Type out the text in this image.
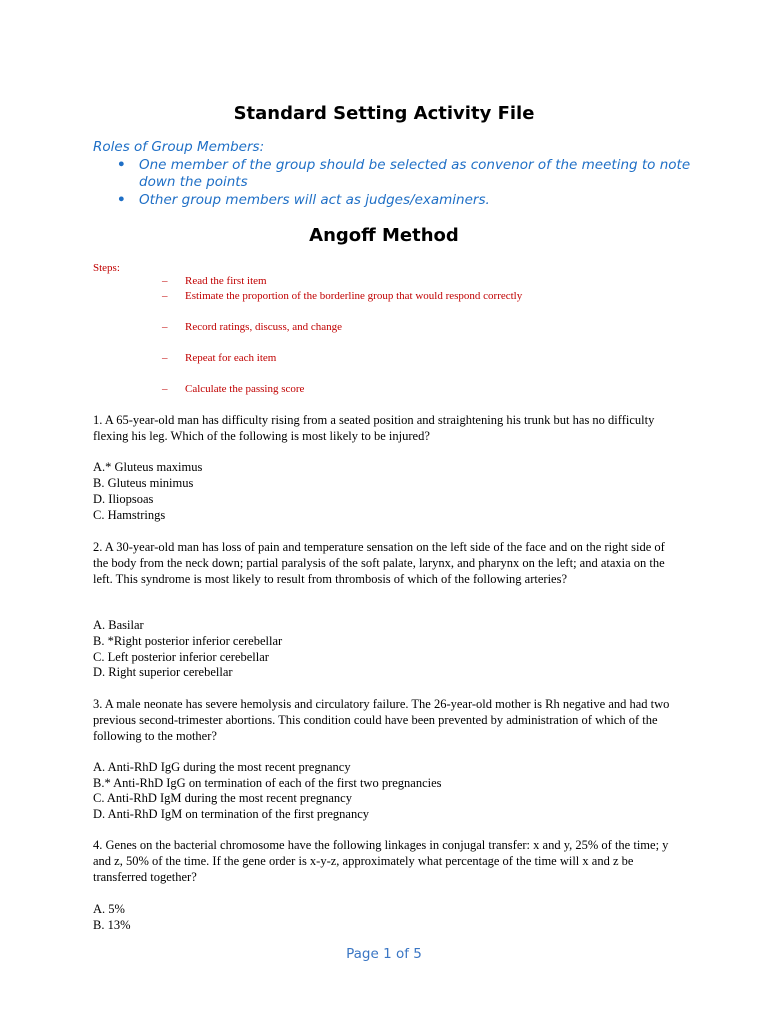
Standard Setting Activity File
Roles of Group Members:
• One member of the group should be selected as convenor of the meeting to note down the points
• Other group members will act as judges/examiners.
Angoff Method
Steps:
– Read the first item
– Estimate the proportion of the borderline group that would respond correctly
– Record ratings, discuss, and change
– Repeat for each item
– Calculate the passing score
1. A 65-year-old man has difficulty rising from a seated position and straightening his trunk but has no difficulty flexing his leg. Which of the following is most likely to be injured?
A.* Gluteus maximus
B. Gluteus minimus
D. Iliopsoas
C. Hamstrings
2. A 30-year-old man has loss of pain and temperature sensation on the left side of the face and on the right side of the body from the neck down; partial paralysis of the soft palate, larynx, and pharynx on the left; and ataxia on the left. This syndrome is most likely to result from thrombosis of which of the following arteries?
A. Basilar
B. *Right posterior inferior cerebellar
C. Left posterior inferior cerebellar
D. Right superior cerebellar
3. A male neonate has severe hemolysis and circulatory failure. The 26-year-old mother is Rh negative and had two previous second-trimester abortions. This condition could have been prevented by administration of which of the following to the mother?
A. Anti-RhD IgG during the most recent pregnancy
B.* Anti-RhD IgG on termination of each of the first two pregnancies
C. Anti-RhD IgM during the most recent pregnancy
D. Anti-RhD IgM on termination of the first pregnancy
4. Genes on the bacterial chromosome have the following linkages in conjugal transfer: x and y, 25% of the time; y and z, 50% of the time. If the gene order is x-y-z, approximately what percentage of the time will x and z be transferred together?
A. 5%
B. 13%
Page 1 of 5
